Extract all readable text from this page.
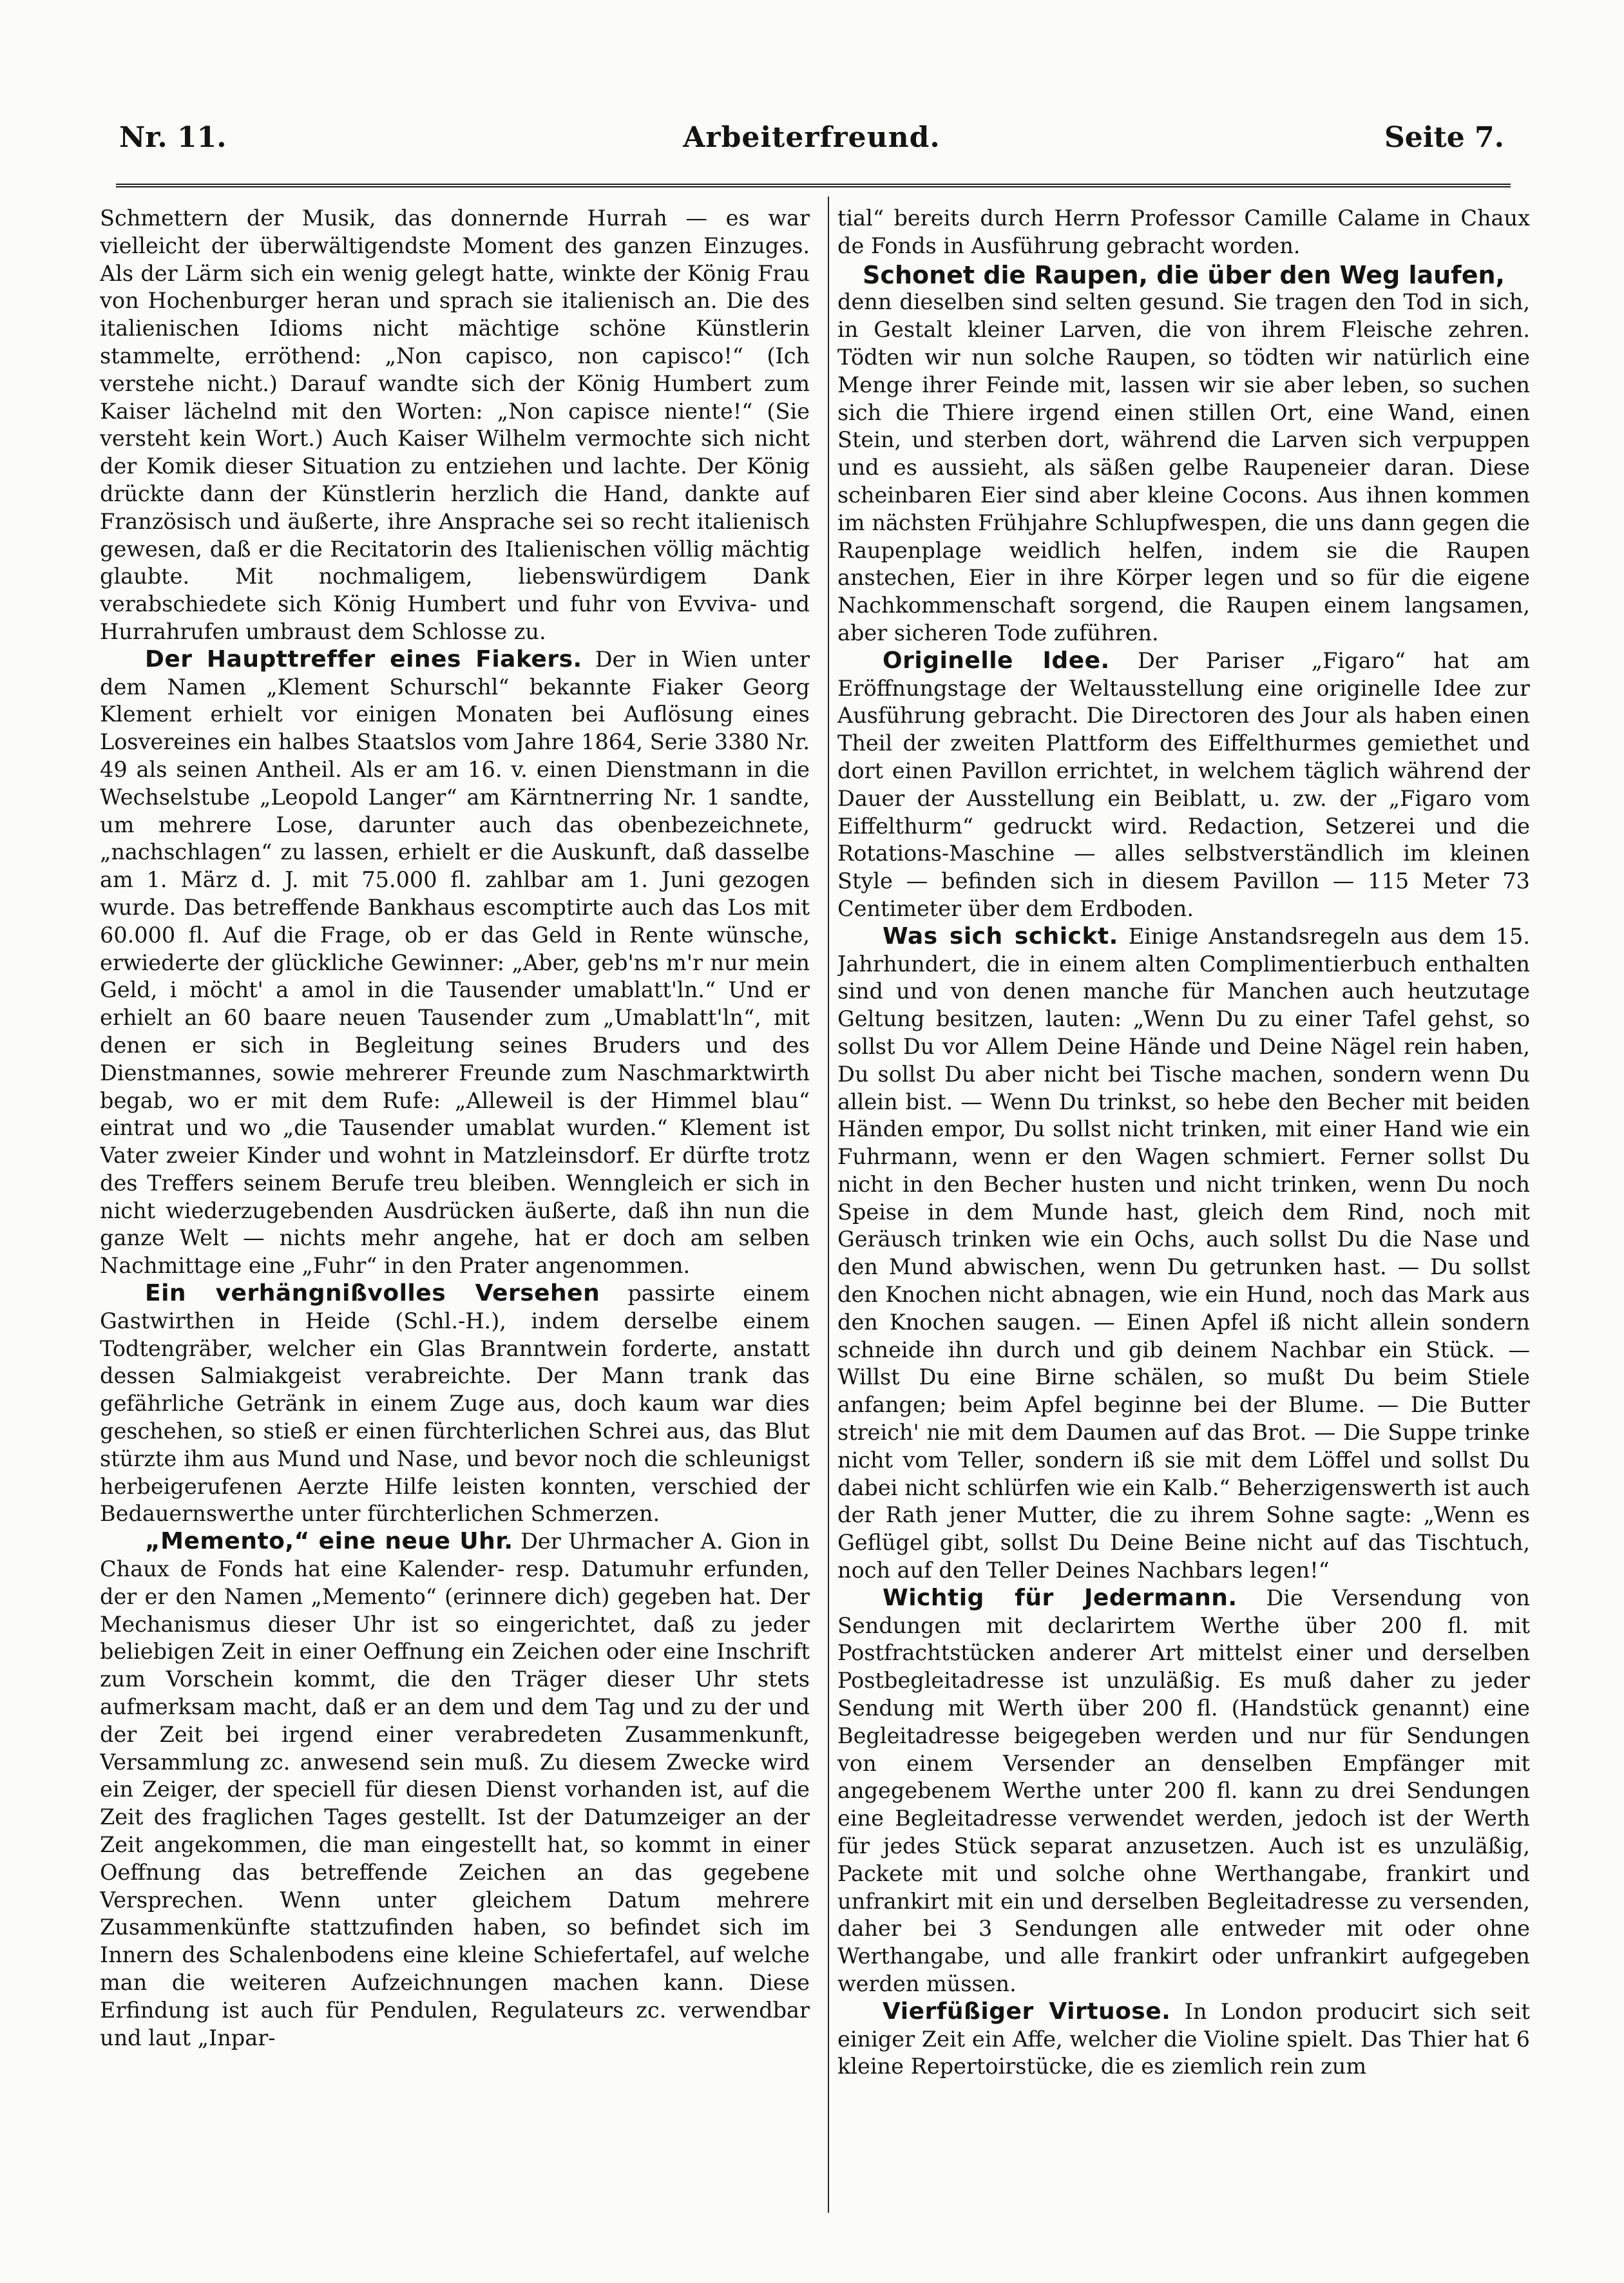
Nr. 11.	Arbeiterfreund.	Seite 7.

Schmettern der Musik, das donnernde Hurrah — es war vielleicht der überwältigendste Moment des ganzen Einzuges. Als der Lärm sich ein wenig gelegt hatte, winkte der König Frau von Hochenburger heran und sprach sie italienisch an. Die des italienischen Idioms nicht mächtige schöne Künstlerin stammelte, erröthend: „Non capisco, non capisco!“ (Ich verstehe nicht.) Darauf wandte sich der König Humbert zum Kaiser lächelnd mit den Worten: „Non capisce niente!“ (Sie versteht kein Wort.) Auch Kaiser Wilhelm vermochte sich nicht der Komik dieser Situation zu entziehen und lachte. Der König drückte dann der Künstlerin herzlich die Hand, dankte auf Französisch und äußerte, ihre Ansprache sei so recht italienisch gewesen, daß er die Recitatorin des Italienischen völlig mächtig glaubte. Mit nochmaligem, liebenswürdigem Dank verabschiedete sich König Humbert und fuhr von Evviva- und Hurrahrufen umbraust dem Schlosse zu.

Der Haupttreffer eines Fiakers. Der in Wien unter dem Namen „Klement Schurschl“ bekannte Fiaker Georg Klement erhielt vor einigen Monaten bei Auflösung eines Losvereines ein halbes Staatslos vom Jahre 1864, Serie 3380 Nr. 49 als seinen Antheil. Als er am 16. v. einen Dienstmann in die Wechselstube „Leopold Langer“ am Kärntnerring Nr. 1 sandte, um mehrere Lose, darunter auch das obenbezeichnete, „nachschlagen“ zu lassen, erhielt er die Auskunft, daß dasselbe am 1. März d. J. mit 75.000 fl. zahlbar am 1. Juni gezogen wurde. Das betreffende Bankhaus escomptirte auch das Los mit 60.000 fl. Auf die Frage, ob er das Geld in Rente wünsche, erwiederte der glückliche Gewinner: „Aber, geb'ns m'r nur mein Geld, i möcht' a amol in die Tausender umablatt'ln.“ Und er erhielt an 60 baare neuen Tausender zum „Umablatt'ln“, mit denen er sich in Begleitung seines Bruders und des Dienstmannes, sowie mehrerer Freunde zum Naschmarktwirth begab, wo er mit dem Rufe: „Alleweil is der Himmel blau“ eintrat und wo „die Tausender umablat wurden.“ Klement ist Vater zweier Kinder und wohnt in Matzleinsdorf. Er dürfte trotz des Treffers seinem Berufe treu bleiben. Wenngleich er sich in nicht wiederzugebenden Ausdrücken äußerte, daß ihn nun die ganze Welt — nichts mehr angehe, hat er doch am selben Nachmittage eine „Fuhr“ in den Prater angenommen.

Ein verhängnißvolles Versehen passirte einem Gastwirthen in Heide (Schl.-H.), indem derselbe einem Todtengräber, welcher ein Glas Branntwein forderte, anstatt dessen Salmiakgeist verabreichte. Der Mann trank das gefährliche Getränk in einem Zuge aus, doch kaum war dies geschehen, so stieß er einen fürchterlichen Schrei aus, das Blut stürzte ihm aus Mund und Nase, und bevor noch die schleunigst herbeigerufenen Aerzte Hilfe leisten konnten, verschied der Bedauernswerthe unter fürchterlichen Schmerzen.

„Memento,“ eine neue Uhr. Der Uhrmacher A. Gion in Chaux de Fonds hat eine Kalender- resp. Datumuhr erfunden, der er den Namen „Memento“ (erinnere dich) gegeben hat. Der Mechanismus dieser Uhr ist so eingerichtet, daß zu jeder beliebigen Zeit in einer Oeffnung ein Zeichen oder eine Inschrift zum Vorschein kommt, die den Träger dieser Uhr stets aufmerksam macht, daß er an dem und dem Tag und zu der und der Zeit bei irgend einer verabredeten Zusammenkunft, Versammlung zc. anwesend sein muß. Zu diesem Zwecke wird ein Zeiger, der speciell für diesen Dienst vorhanden ist, auf die Zeit des fraglichen Tages gestellt. Ist der Datumzeiger an der Zeit angekommen, die man eingestellt hat, so kommt in einer Oeffnung das betreffende Zeichen an das gegebene Versprechen. Wenn unter gleichem Datum mehrere Zusammenkünfte stattzufinden haben, so befindet sich im Innern des Schalenbodens eine kleine Schiefertafel, auf welche man die weiteren Aufzeichnungen machen kann. Diese Erfindung ist auch für Pendulen, Regulateurs zc. verwendbar und laut „Inpar-

tial“ bereits durch Herrn Professor Camille Calame in Chaux de Fonds in Ausführung gebracht worden.

Schonet die Raupen, die über den Weg laufen,

denn dieselben sind selten gesund. Sie tragen den Tod in sich, in Gestalt kleiner Larven, die von ihrem Fleische zehren. Tödten wir nun solche Raupen, so tödten wir natürlich eine Menge ihrer Feinde mit, lassen wir sie aber leben, so suchen sich die Thiere irgend einen stillen Ort, eine Wand, einen Stein, und sterben dort, während die Larven sich verpuppen und es aussieht, als säßen gelbe Raupeneier daran. Diese scheinbaren Eier sind aber kleine Cocons. Aus ihnen kommen im nächsten Frühjahre Schlupfwespen, die uns dann gegen die Raupenplage weidlich helfen, indem sie die Raupen anstechen, Eier in ihre Körper legen und so für die eigene Nachkommenschaft sorgend, die Raupen einem langsamen, aber sicheren Tode zuführen.

Originelle Idee. Der Pariser „Figaro“ hat am Eröffnungstage der Weltausstellung eine originelle Idee zur Ausführung gebracht. Die Directoren des Jour als haben einen Theil der zweiten Plattform des Eiffelthurmes gemiethet und dort einen Pavillon errichtet, in welchem täglich während der Dauer der Ausstellung ein Beiblatt, u. zw. der „Figaro vom Eiffelthurm“ gedruckt wird. Redaction, Setzerei und die Rotations-Maschine — alles selbstverständlich im kleinen Style — befinden sich in diesem Pavillon — 115 Meter 73 Centimeter über dem Erdboden.

Was sich schickt. Einige Anstandsregeln aus dem 15. Jahrhundert, die in einem alten Complimentierbuch enthalten sind und von denen manche für Manchen auch heutzutage Geltung besitzen, lauten: „Wenn Du zu einer Tafel gehst, so sollst Du vor Allem Deine Hände und Deine Nägel rein haben, Du sollst Du aber nicht bei Tische machen, sondern wenn Du allein bist. — Wenn Du trinkst, so hebe den Becher mit beiden Händen empor, Du sollst nicht trinken, mit einer Hand wie ein Fuhrmann, wenn er den Wagen schmiert. Ferner sollst Du nicht in den Becher husten und nicht trinken, wenn Du noch Speise in dem Munde hast, gleich dem Rind, noch mit Geräusch trinken wie ein Ochs, auch sollst Du die Nase und den Mund abwischen, wenn Du getrunken hast. — Du sollst den Knochen nicht abnagen, wie ein Hund, noch das Mark aus den Knochen saugen. — Einen Apfel iß nicht allein sondern schneide ihn durch und gib deinem Nachbar ein Stück. — Willst Du eine Birne schälen, so mußt Du beim Stiele anfangen; beim Apfel beginne bei der Blume. — Die Butter streich' nie mit dem Daumen auf das Brot. — Die Suppe trinke nicht vom Teller, sondern iß sie mit dem Löffel und sollst Du dabei nicht schlürfen wie ein Kalb.“ Beherzigenswerth ist auch der Rath jener Mutter, die zu ihrem Sohne sagte: „Wenn es Geflügel gibt, sollst Du Deine Beine nicht auf das Tischtuch, noch auf den Teller Deines Nachbars legen!“

Wichtig für Jedermann. Die Versendung von Sendungen mit declarirtem Werthe über 200 fl. mit Postfrachtstücken anderer Art mittelst einer und derselben Postbegleitadresse ist unzuläßig. Es muß daher zu jeder Sendung mit Werth über 200 fl. (Handstück genannt) eine Begleitadresse beigegeben werden und nur für Sendungen von einem Versender an denselben Empfänger mit angegebenem Werthe unter 200 fl. kann zu drei Sendungen eine Begleitadresse verwendet werden, jedoch ist der Werth für jedes Stück separat anzusetzen. Auch ist es unzuläßig, Packete mit und solche ohne Werthangabe, frankirt und unfrankirt mit ein und derselben Begleitadresse zu versenden, daher bei 3 Sendungen alle entweder mit oder ohne Werthangabe, und alle frankirt oder unfrankirt aufgegeben werden müssen.

Vierfüßiger Virtuose. In London producirt sich seit einiger Zeit ein Affe, welcher die Violine spielt. Das Thier hat 6 kleine Repertoirstücke, die es ziemlich rein zum
